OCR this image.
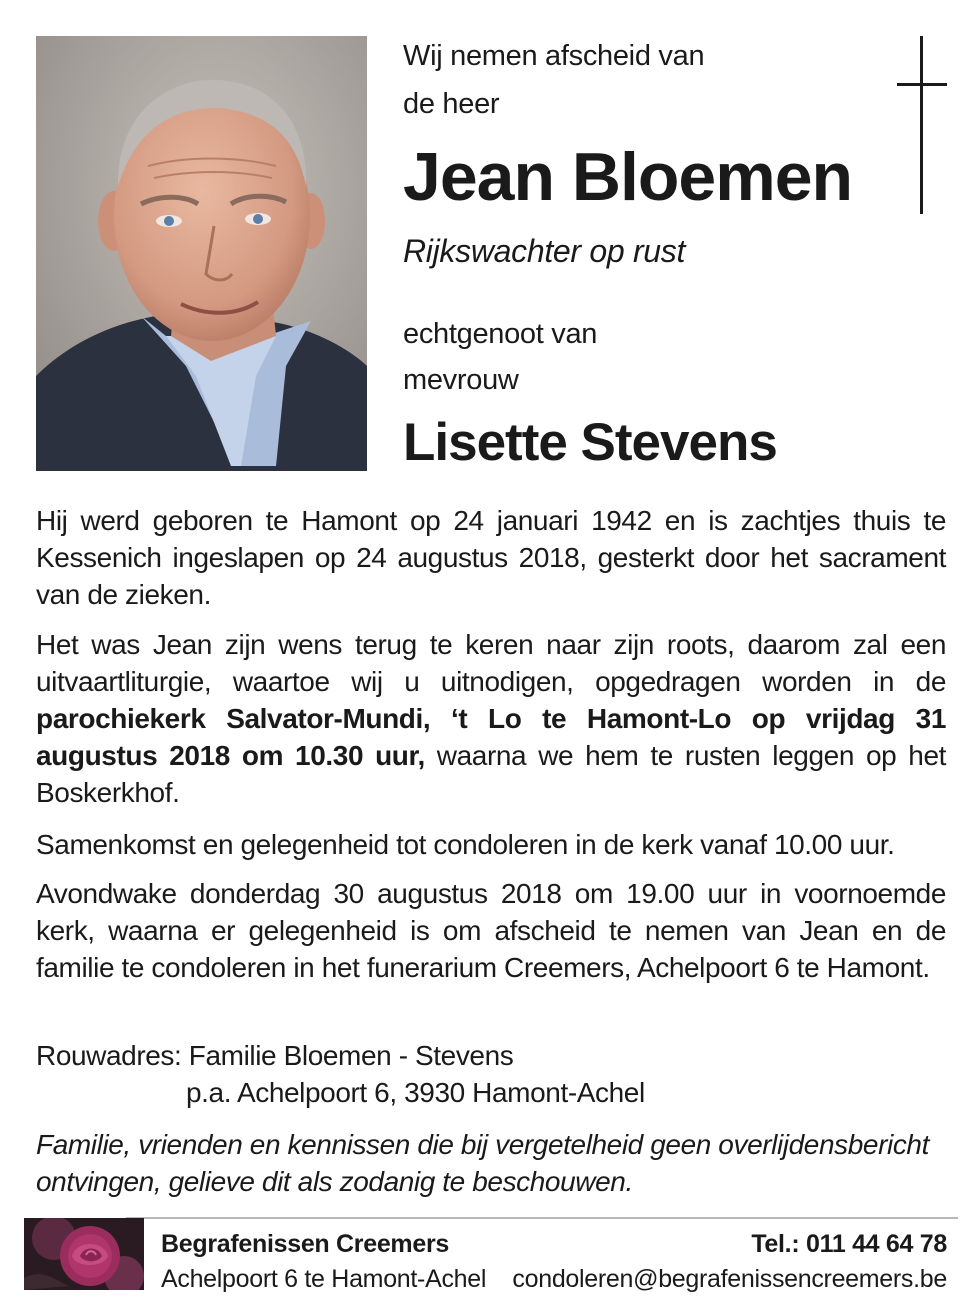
Wij nemen afscheid van
de heer
Jean Bloemen
Rijkswachter op rust
echtgenoot van
mevrouw
Lisette Stevens

Hij werd geboren te Hamont op 24 januari 1942 en is zachtjes thuis te Kessenich ingeslapen op 24 augustus 2018, gesterkt door het sacrament van de zieken.

Het was Jean zijn wens terug te keren naar zijn roots, daarom zal een uitvaartliturgie, waartoe wij u uitnodigen, opgedragen worden in de parochiekerk Salvator-Mundi, ‘t Lo te Hamont-Lo op vrijdag 31 augustus 2018 om 10.30 uur, waarna we hem te rusten leggen op het Boskerkhof.

Samenkomst en gelegenheid tot condoleren in de kerk vanaf 10.00 uur.

Avondwake donderdag 30 augustus 2018 om 19.00 uur in voornoemde kerk, waarna er gelegenheid is om afscheid te nemen van Jean en de familie te condoleren in het funerarium Creemers, Achelpoort 6 te Hamont.

Rouwadres: Familie Bloemen - Stevens
p.a. Achelpoort 6, 3930 Hamont-Achel

Familie, vrienden en kennissen die bij vergetelheid geen overlijdensbericht ontvingen, gelieve dit als zodanig te beschouwen.

Begrafenissen Creemers
Achelpoort 6 te Hamont-Achel
Tel.: 011 44 64 78
condoleren@begrafenissencreemers.be
